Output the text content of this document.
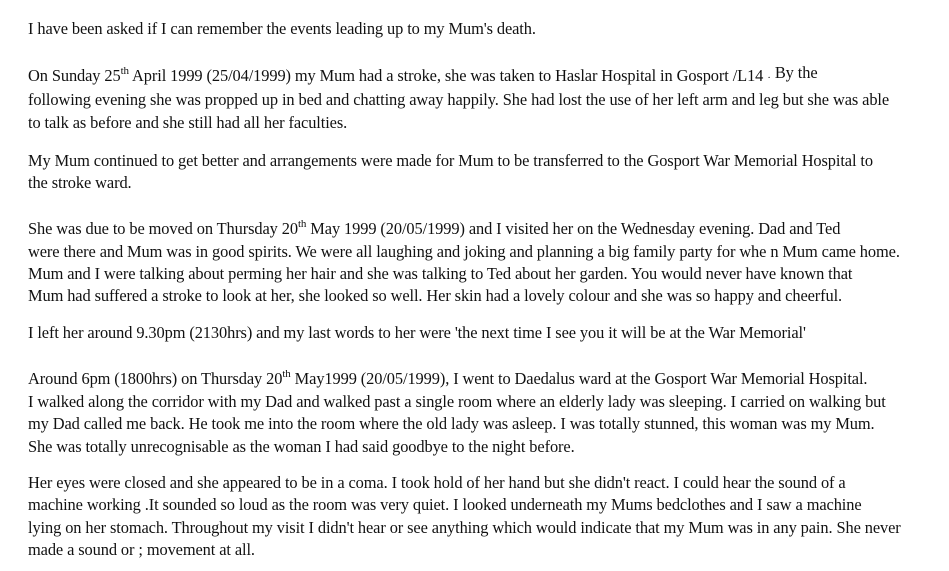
I have been asked if I can remember the events leading up to my Mum's death.
On Sunday 25th April 1999 (25/04/1999) my Mum had a stroke, she was taken to Haslar Hospital in Gosport /L14 · By the
following evening she was propped up in bed and chatting away happily. She had lost the use of her left arm and leg but she was able
to talk as before and she still had all her faculties.
My Mum continued to get better and arrangements were made for Mum to be transferred to the Gosport War Memorial Hospital to
the stroke ward.
She was due to be moved on Thursday 20th May 1999 (20/05/1999) and I visited her on the Wednesday evening. Dad and Ted
were there and Mum was in good spirits. We were all laughing and joking and planning a big family party for whe n Mum came home.
Mum and I were talking about perming her hair and she was talking to Ted about her garden. You would never have known that
Mum had suffered a stroke to look at her, she looked so well. Her skin had a lovely colour and she was so happy and cheerful.
I left her around 9.30pm (2130hrs) and my last words to her were 'the next time I see you it will be at the War Memorial'
Around 6pm (1800hrs) on Thursday 20th May1999 (20/05/1999), I went to Daedalus ward at the Gosport War Memorial Hospital.
I walked along the corridor with my Dad and walked past a single room where an elderly lady was sleeping. I carried on walking but
my Dad called me back. He took me into the room where the old lady was asleep. I was totally stunned, this woman was my Mum.
She was totally unrecognisable as the woman I had said goodbye to the night before.
Her eyes were closed and she appeared to be in a coma. I took hold of her hand but she didn't react. I could hear the sound of a
machine working .It sounded so loud as the room was very quiet. I looked underneath my Mums bedclothes and I saw a machine
lying on her stomach. Throughout my visit I didn't hear or see anything which would indicate that my Mum was in any pain. She never
made a sound or ; movement at all.
